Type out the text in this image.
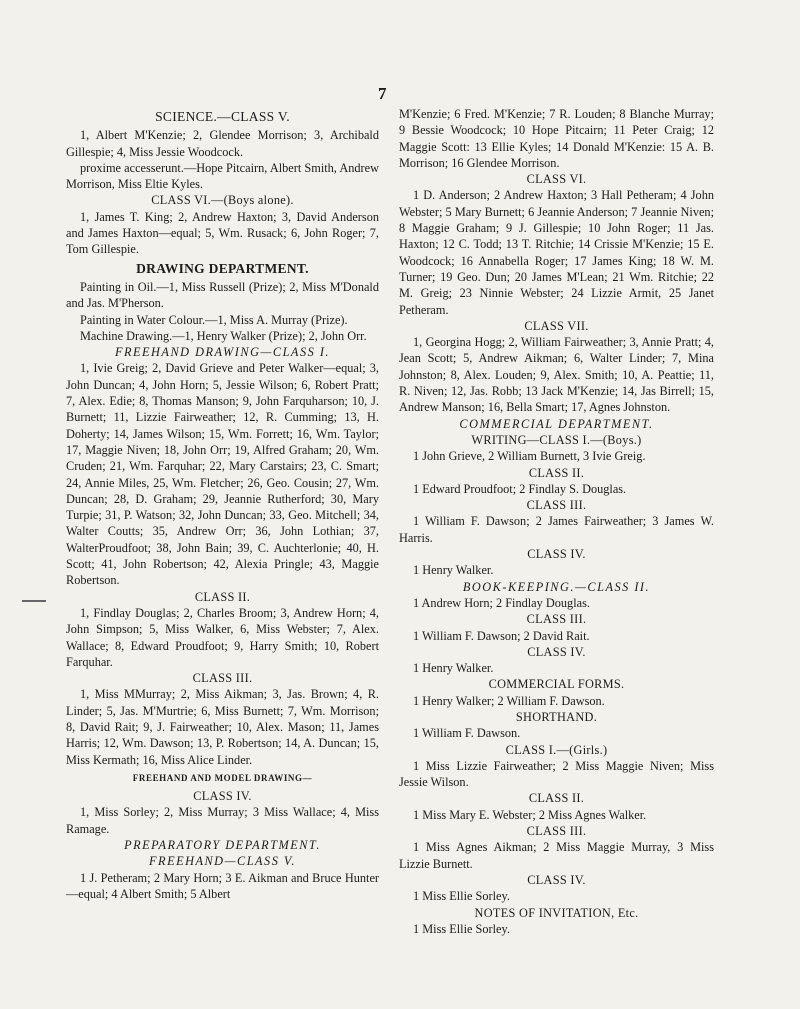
7
SCIENCE.—CLASS V.

1, Albert M'Kenzie; 2, Glendee Morrison; 3, Archibald Gillespie; 4, Miss Jessie Woodcock.

proxime accesserunt.—Hope Pitcairn, Albert Smith, Andrew Morrison, Miss Eltie Kyles.

CLASS VI.—(Boys alone).

1, James T. King; 2, Andrew Haxton; 3, David Anderson and James Haxton—equal; 5, Wm. Rusack; 6, John Roger; 7, Tom Gillespie.

DRAWING DEPARTMENT.

Painting in Oil.—1, Miss Russell (Prize); 2, Miss M'Donald and Jas. M'Pherson.

Painting in Water Colour.—1, Miss A. Murray (Prize).

Machine Drawing.—1, Henry Walker (Prize); 2, John Orr.

FREEHAND DRAWING—CLASS I.

1, Ivie Greig; 2, David Grieve and Peter Walker—equal; 3, John Duncan; 4, John Horn; 5, Jessie Wilson; 6, Robert Pratt; 7, Alex. Edie; 8, Thomas Manson; 9, John Farquharson; 10, J. Burnett; 11, Lizzie Fairweather; 12, R. Cumming; 13, H. Doherty; 14, James Wilson; 15, Wm. Forrett; 16, Wm. Taylor; 17, Maggie Niven; 18, John Orr; 19, Alfred Graham; 20, Wm. Cruden; 21, Wm. Farquhar; 22, Mary Carstairs; 23, C. Smart; 24, Annie Miles, 25, Wm. Fletcher; 26, Geo. Cousin; 27, Wm. Duncan; 28, D. Graham; 29, Jeannie Rutherford; 30, Mary Turpie; 31, P. Watson; 32, John Duncan; 33, Geo. Mitchell; 34, Walter Coutts; 35, Andrew Orr; 36, John Lothian; 37, WalterProudfoot; 38, John Bain; 39, C. Auchterlonie; 40, H. Scott; 41, John Robertson; 42, Alexia Pringle; 43, Maggie Robertson.

CLASS II.

1, Findlay Douglas; 2, Charles Broom; 3, Andrew Horn; 4, John Simpson; 5, Miss Walker, 6, Miss Webster; 7, Alex. Wallace; 8, Edward Proudfoot; 9, Harry Smith; 10, Robert Farquhar.

CLASS III.

1, Miss MMurray; 2, Miss Aikman; 3, Jas. Brown; 4, R. Linder; 5, Jas. M'Murtrie; 6, Miss Burnett; 7, Wm. Morrison; 8, David Rait; 9, J. Fairweather; 10, Alex. Mason; 11, James Harris; 12, Wm. Dawson; 13, P. Robertson; 14, A. Duncan; 15, Miss Kermath; 16, Miss Alice Linder.

FREEHAND AND MODEL DRAWING—
CLASS IV.

1, Miss Sorley; 2, Miss Murray; 3 Miss Wallace; 4, Miss Ramage.

PREPARATORY DEPARTMENT.
FREEHAND—CLASS V.

1 J. Petheram; 2 Mary Horn; 3 E. Aikman and Bruce Hunter—equal; 4 Albert Smith; 5 Albert

M'Kenzie; 6 Fred. M'Kenzie; 7 R. Louden; 8 Blanche Murray; 9 Bessie Woodcock; 10 Hope Pitcairn; 11 Peter Craig; 12 Maggie Scott: 13 Ellie Kyles; 14 Donald M'Kenzie: 15 A. B. Morrison; 16 Glendee Morrison.

CLASS VI.

1 D. Anderson; 2 Andrew Haxton; 3 Hall Petheram; 4 John Webster; 5 Mary Burnett; 6 Jeannie Anderson; 7 Jeannie Niven; 8 Maggie Graham; 9 J. Gillespie; 10 John Roger; 11 Jas. Haxton; 12 C. Todd; 13 T. Ritchie; 14 Crissie M'Kenzie; 15 E. Woodcock; 16 Annabella Roger; 17 James King; 18 W. M. Turner; 19 Geo. Dun; 20 James M'Lean; 21 Wm. Ritchie; 22 M. Greig; 23 Ninnie Webster; 24 Lizzie Armit, 25 Janet Petheram.

CLASS VII.

1, Georgina Hogg; 2, William Fairweather; 3, Annie Pratt; 4, Jean Scott; 5, Andrew Aikman; 6, Walter Linder; 7, Mina Johnston; 8, Alex. Louden; 9, Alex. Smith; 10, A. Peattie; 11, R. Niven; 12, Jas. Robb; 13 Jack M'Kenzie; 14, Jas Birrell; 15, Andrew Manson; 16, Bella Smart; 17, Agnes Johnston.

COMMERCIAL DEPARTMENT.
WRITING—CLASS I.—(Boys.)

1 John Grieve, 2 William Burnett, 3 Ivie Greig.

CLASS II.

1 Edward Proudfoot; 2 Findlay S. Douglas.

CLASS III.

1 William F. Dawson; 2 James Fairweather; 3 James W. Harris.

CLASS IV.

1 Henry Walker.

BOOK-KEEPING.—CLASS II.

1 Andrew Horn; 2 Findlay Douglas.

CLASS III.

1 William F. Dawson; 2 David Rait.

CLASS IV.

1 Henry Walker.

COMMERCIAL FORMS.

1 Henry Walker; 2 William F. Dawson.

SHORTHAND.

1 William F. Dawson.

CLASS I.—(Girls.)

1 Miss Lizzie Fairweather; 2 Miss Maggie Niven; Miss Jessie Wilson.

CLASS II.

1 Miss Mary E. Webster; 2 Miss Agnes Walker.

CLASS III.

1 Miss Agnes Aikman; 2 Miss Maggie Murray, 3 Miss Lizzie Burnett.

CLASS IV.

1 Miss Ellie Sorley.

NOTES OF INVITATION, Etc.

1 Miss Ellie Sorley.
